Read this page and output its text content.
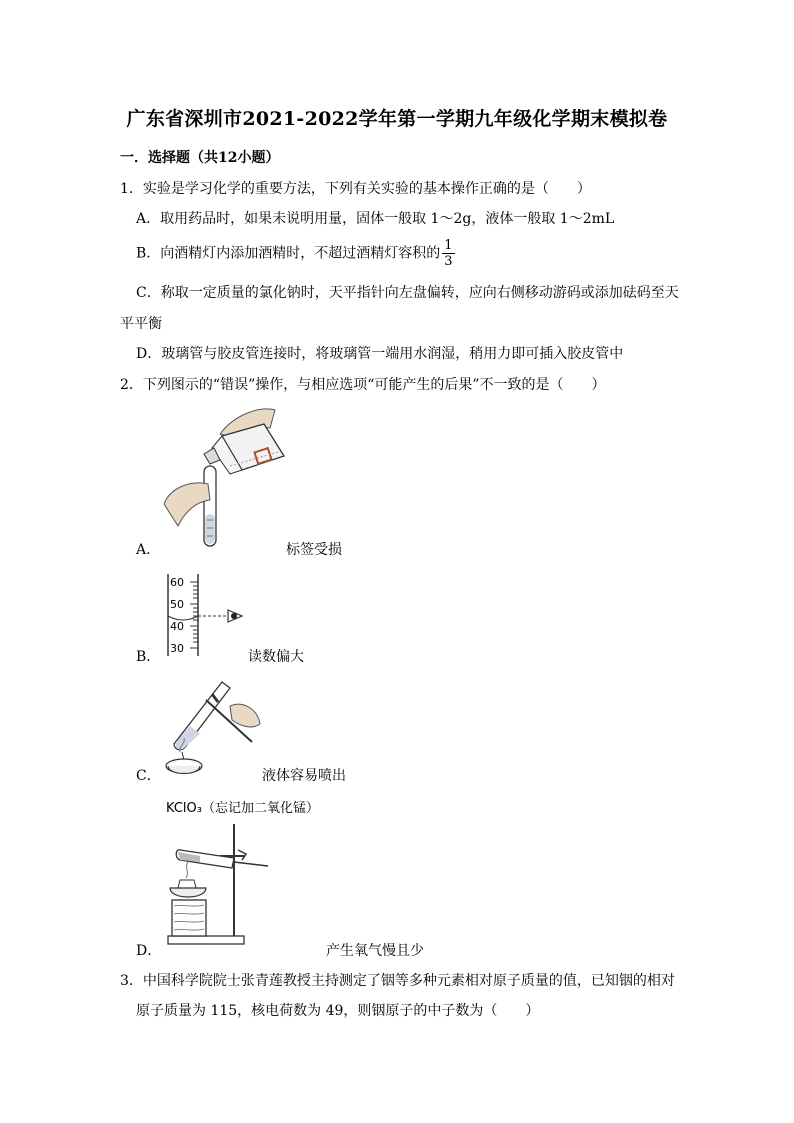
广东省深圳市2021-2022学年第一学期九年级化学期末模拟卷
一．选择题（共12小题）
1．实验是学习化学的重要方法，下列有关实验的基本操作正确的是（　　）
A．取用药品时，如果未说明用量，固体一般取 1～2g，液体一般取 1～2mL
B．向酒精灯内添加酒精时，不超过酒精灯容积的 $\frac{1}{3}$
C．称取一定质量的氯化钠时，天平指针向左盘偏转，应向右侧移动游码或添加砝码至天
平平衡
D．玻璃管与胶皮管连接时，将玻璃管一端用水润湿，稍用力即可插入胶皮管中
2．下列图示的“错误”操作，与相应选项“可能产生的后果”不一致的是（　　）
A．	标签受损
60
50
40
30
B．	读数偏大
C．	液体容易喷出
KClO₃（忘记加二氧化锰）
D．	产生氧气慢且少
3．中国科学院院士张青莲教授主持测定了铟等多种元素相对原子质量的值，已知铟的相对
原子质量为 115，核电荷数为 49，则铟原子的中子数为（　　）
